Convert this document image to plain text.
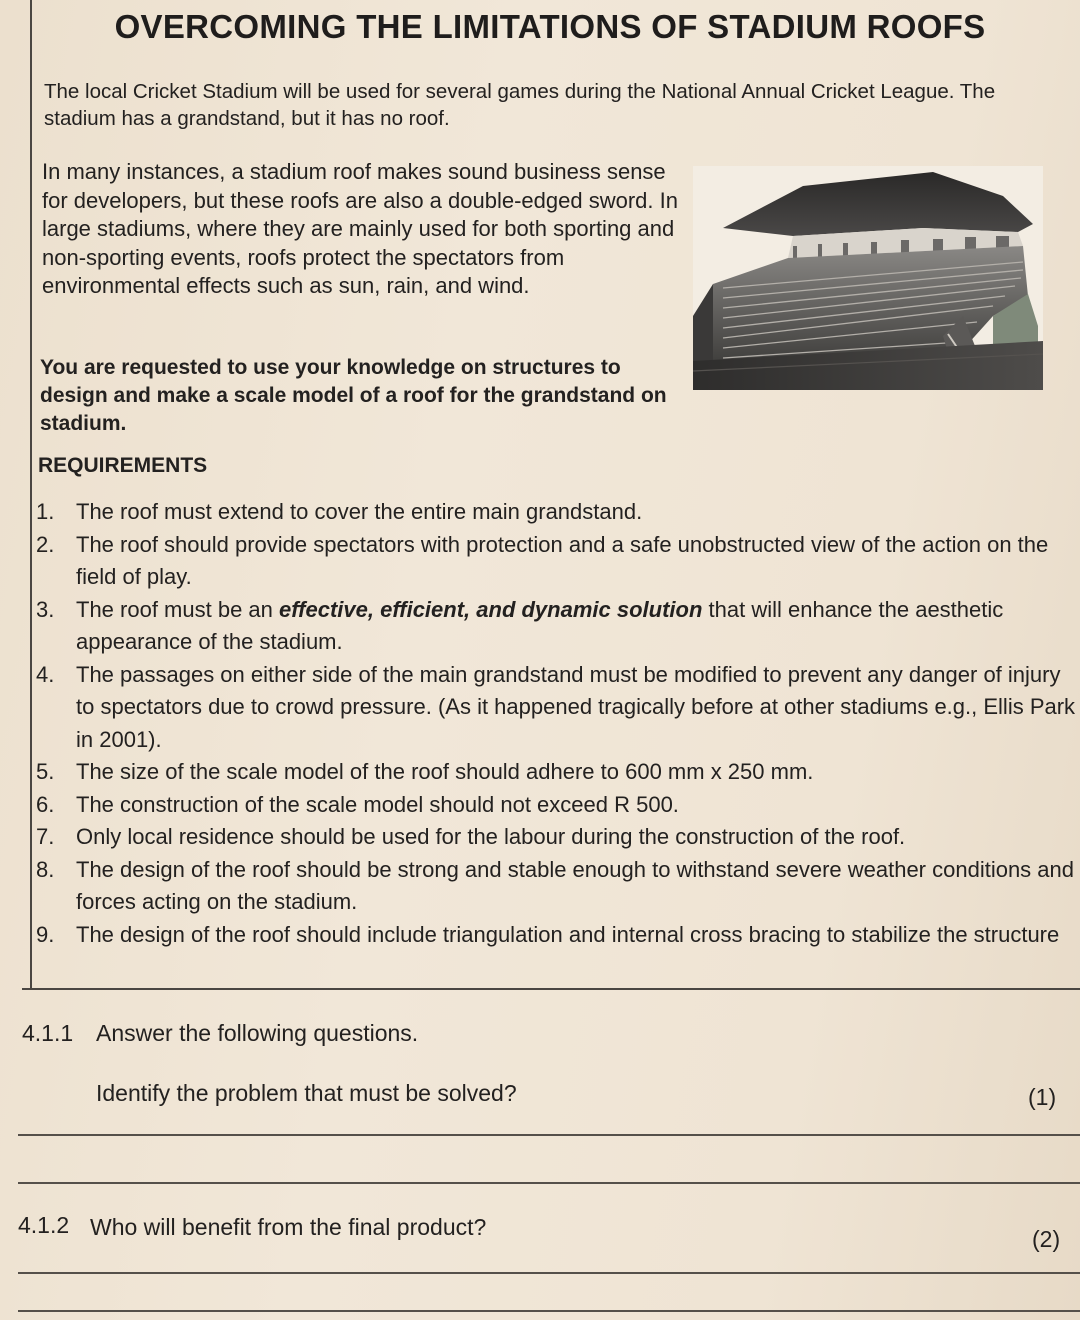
OVERCOMING THE LIMITATIONS OF STADIUM ROOFS
The local Cricket Stadium will be used for several games during the National Annual Cricket League. The stadium has a grandstand, but it has no roof.
In many instances, a stadium roof makes sound business sense for developers, but these roofs are also a double-edged sword. In large stadiums, where they are mainly used for both sporting and non-sporting events, roofs protect the spectators from environmental effects such as sun, rain, and wind.
You are requested to use your knowledge on structures to design and make a scale model of a roof for the grandstand on stadium.
REQUIREMENTS
1. The roof must extend to cover the entire main grandstand.
2. The roof should provide spectators with protection and a safe unobstructed view of the action on the field of play.
3. The roof must be an effective, efficient, and dynamic solution that will enhance the aesthetic appearance of the stadium.
4. The passages on either side of the main grandstand must be modified to prevent any danger of injury to spectators due to crowd pressure. (As it happened tragically before at other stadiums e.g., Ellis Park in 2001).
5. The size of the scale model of the roof should adhere to 600 mm x 250 mm.
6. The construction of the scale model should not exceed R 500.
7. Only local residence should be used for the labour during the construction of the roof.
8. The design of the roof should be strong and stable enough to withstand severe weather conditions and forces acting on the stadium.
9. The design of the roof should include triangulation and internal cross bracing to stabilize the structure
4.1.1 Answer the following questions.
Identify the problem that must be solved?	(1)
4.1.2 Who will benefit from the final product?	(2)
